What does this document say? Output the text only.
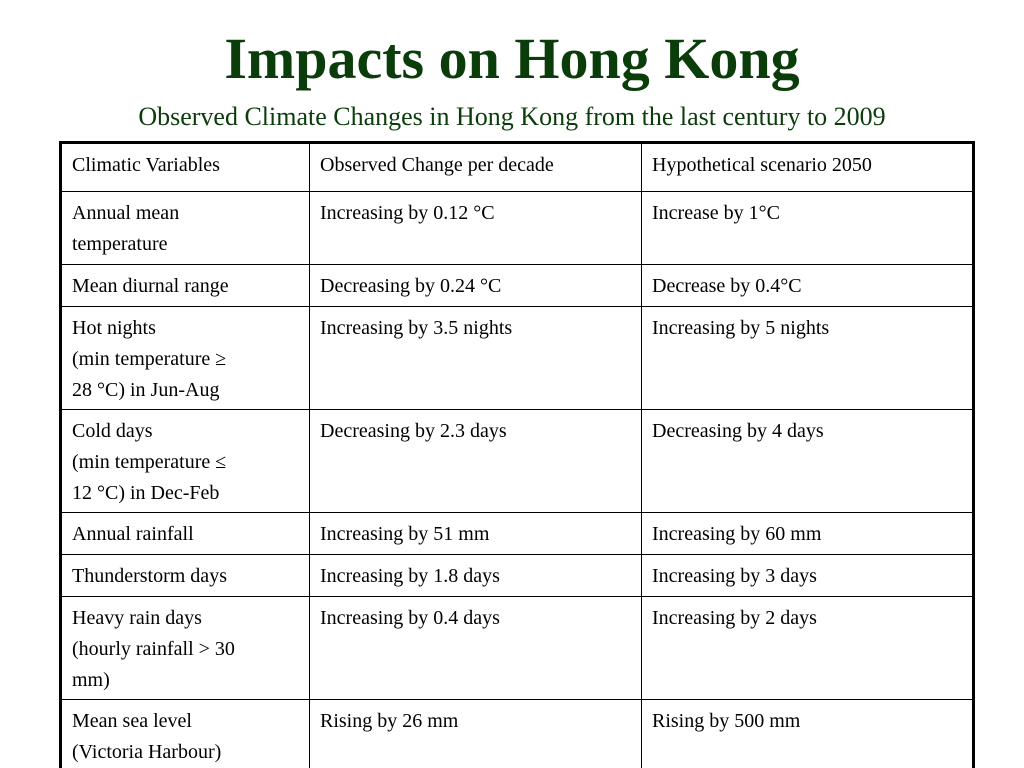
Impacts on Hong Kong
Observed Climate Changes in Hong Kong from the last century to 2009
Climatic Variables	Observed Change per decade	Hypothetical scenario 2050
Annual mean
temperature	Increasing by 0.12 °C	Increase by 1°C
Mean diurnal range	Decreasing by 0.24 °C	Decrease by 0.4°C
Hot nights
(min temperature ≥
28 °C) in Jun-Aug	Increasing by 3.5 nights	Increasing by 5 nights
Cold days
(min temperature ≤
12 °C) in Dec-Feb	Decreasing by 2.3 days	Decreasing by 4 days
Annual rainfall	Increasing by 51 mm	Increasing by 60 mm
Thunderstorm days	Increasing by 1.8 days	Increasing by 3 days
Heavy rain days
(hourly rainfall > 30
mm)	Increasing by 0.4 days	Increasing by 2 days
Mean sea level
(Victoria Harbour)	Rising by 26 mm	Rising by 500 mm
